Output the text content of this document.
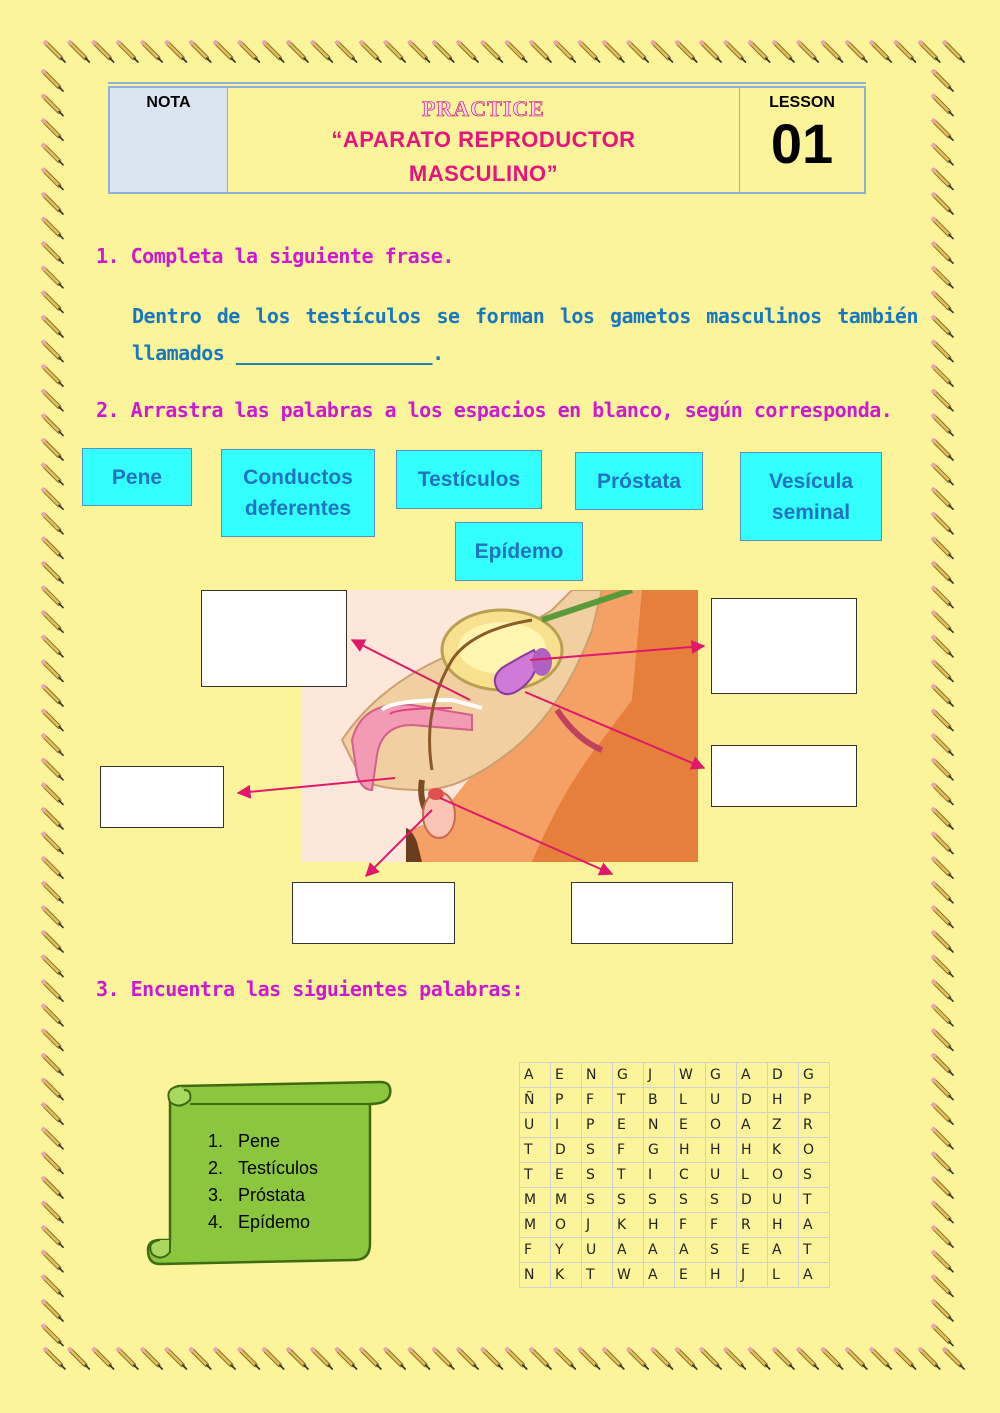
NOTA	PRACTICE
“APARATO REPRODUCTOR
MASCULINO”
LESSON
01
1. Completa la siguiente frase.
Dentro de los testículos se forman los gametos masculinos también
llamados _________________.
2. Arrastra las palabras a los espacios en blanco, según corresponda.
Pene	Conductos
deferentes
Testículos	Próstata	Vesícula
seminal
Epídemo
3. Encuentra las siguientes palabras:
1. Pene
2. Testículos
3. Próstata
4. Epídemo
A	E	N	G	J	W	G	A	D	G
Ñ	P	F	T	B	L	U	D	H	P
U	I	P	E	N	E	O	A	Z	R
T	D	S	F	G	H	H	H	K	O
T	E	S	T	I	C	U	L	O	S
M	M	S	S	S	S	S	D	U	T
M	O	J	K	H	F	F	R	H	A
F	Y	U	A	A	A	S	E	A	T
N	K	T	W	A	E	H	J	L	A
